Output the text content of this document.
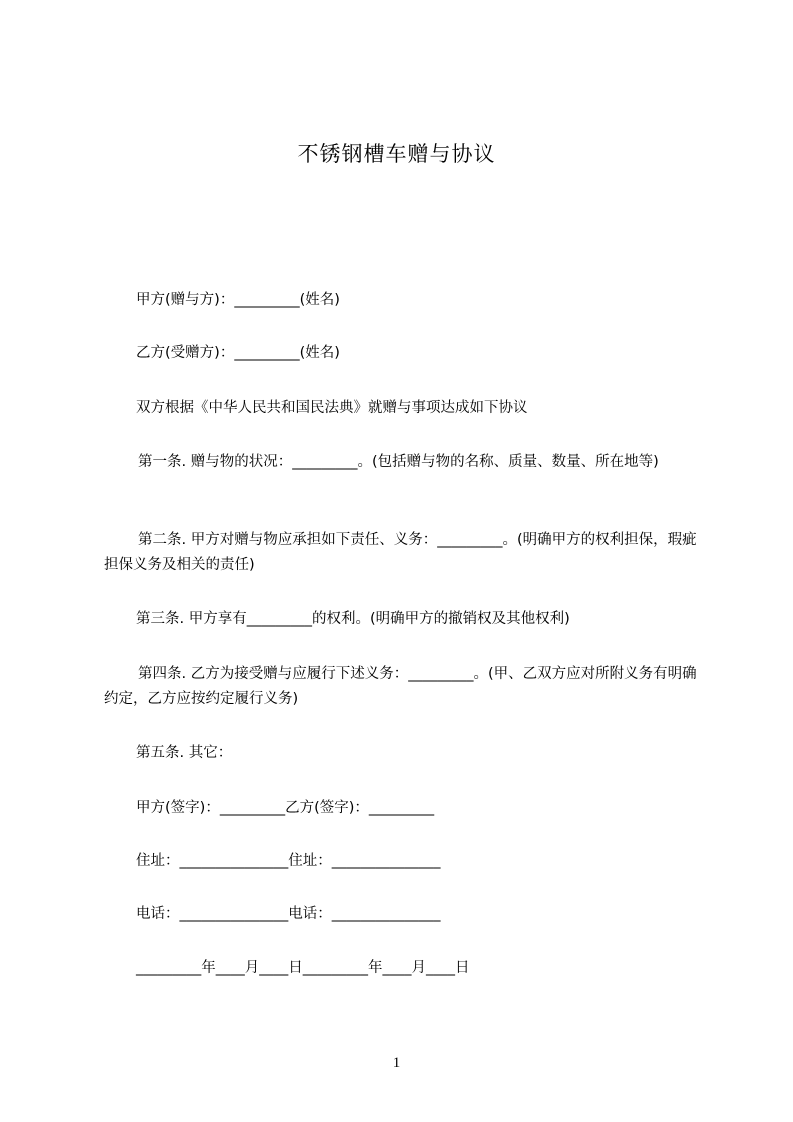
不锈钢槽车赠与协议
甲方(赠与方)：_________(姓名)
乙方(受赠方)：_________(姓名)
双方根据《中华人民共和国民法典》就赠与事项达成如下协议
第一条. 赠与物的状况：_________。(包括赠与物的名称、质量、数量、所在地等)
第二条. 甲方对赠与物应承担如下责任、义务：_________。(明确甲方的权利担保，瑕疵担保义务及相关的责任)
第三条. 甲方享有_________的权利。(明确甲方的撤销权及其他权利)
第四条. 乙方为接受赠与应履行下述义务：_________。(甲、乙双方应对所附义务有明确约定，乙方应按约定履行义务)
第五条. 其它：
甲方(签字)：_________乙方(签字)：_________
住址：_______________住址：_______________
电话：_______________电话：_______________
_________年____月____日_________年____月____日
1
